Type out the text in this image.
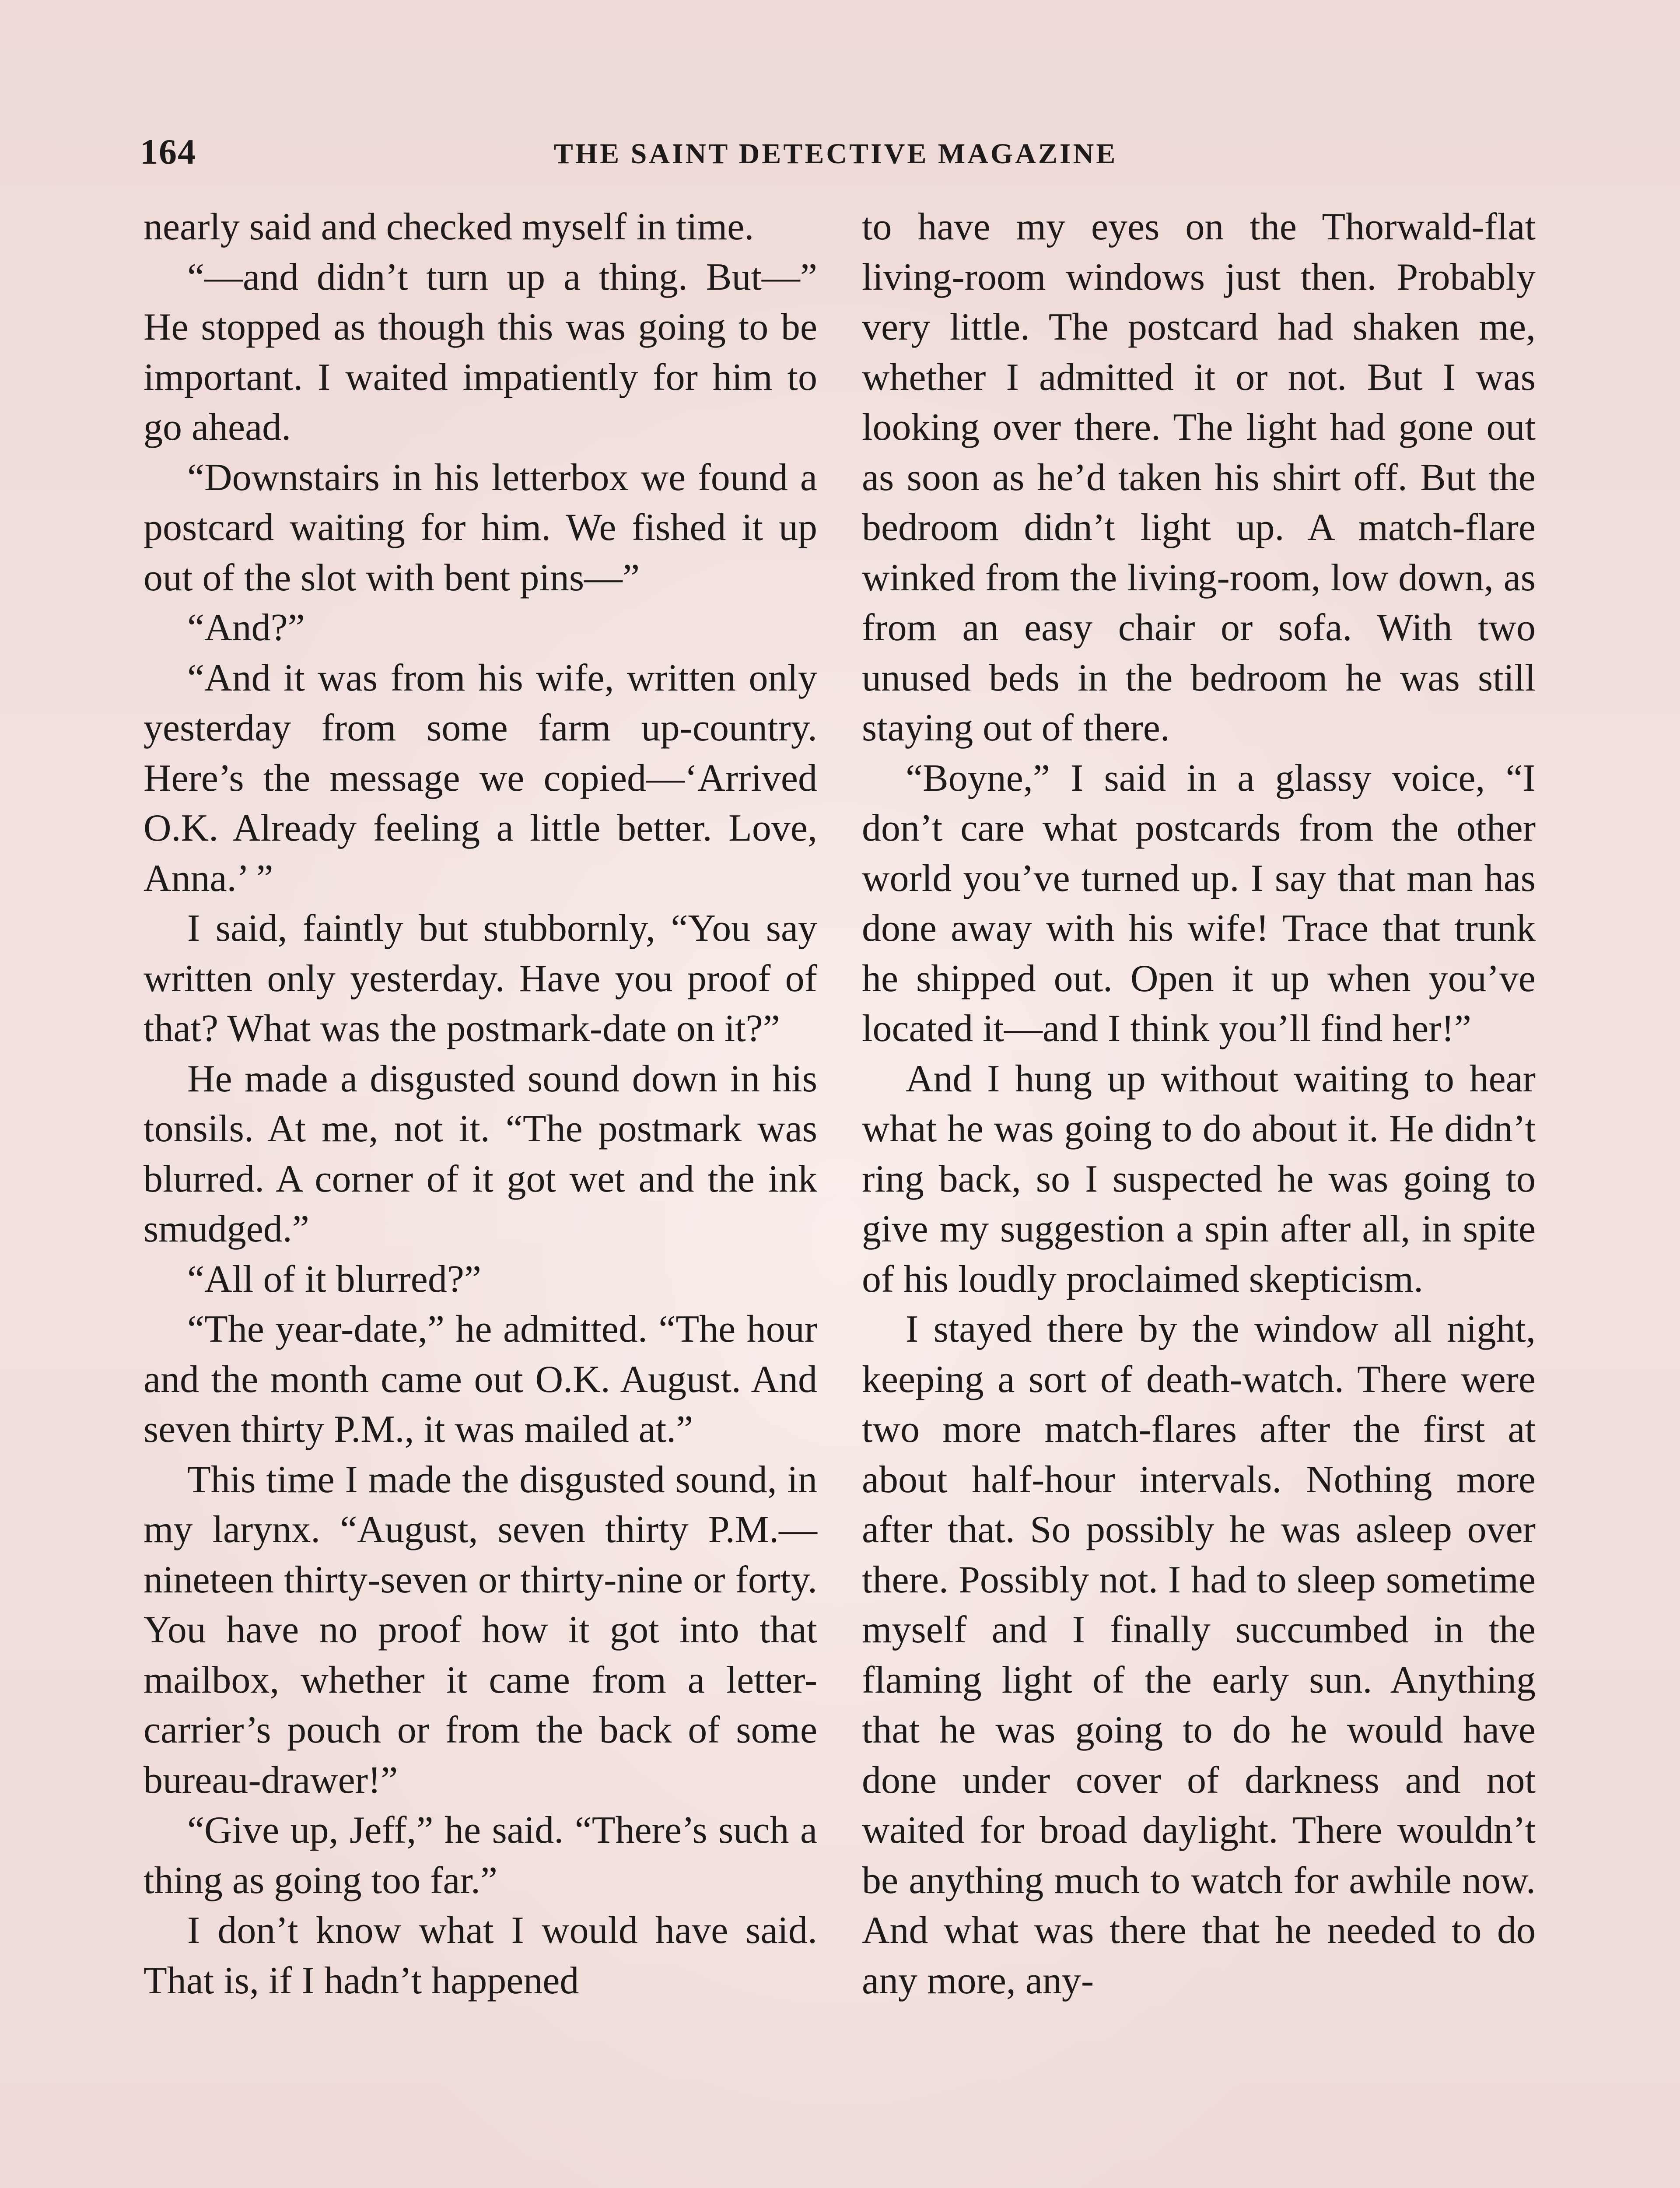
164	THE SAINT DETECTIVE MAGAZINE

nearly said and checked myself in time.

“—and didn’t turn up a thing. But—” He stopped as though this was going to be important. I waited impatiently for him to go ahead.

“Downstairs in his letterbox we found a postcard waiting for him. We fished it up out of the slot with bent pins—”

“And?”

“And it was from his wife, written only yesterday from some farm up-country. Here’s the message we copied—‘Arrived O.K. Already feeling a little better. Love, Anna.’ ”

I said, faintly but stubbornly, “You say written only yesterday. Have you proof of that? What was the postmark-date on it?”

He made a disgusted sound down in his tonsils. At me, not it. “The postmark was blurred. A corner of it got wet and the ink smudged.”

“All of it blurred?”

“The year-date,” he admitted. “The hour and the month came out O.K. August. And seven thirty P.M., it was mailed at.”

This time I made the disgusted sound, in my larynx. “August, seven thirty P.M.—nineteen thirty-seven or thirty-nine or forty. You have no proof how it got into that mailbox, whether it came from a letter-carrier’s pouch or from the back of some bureau-drawer!”

“Give up, Jeff,” he said. “There’s such a thing as going too far.”

I don’t know what I would have said. That is, if I hadn’t happened

to have my eyes on the Thorwald-flat living-room windows just then. Probably very little. The postcard had shaken me, whether I admitted it or not. But I was looking over there. The light had gone out as soon as he’d taken his shirt off. But the bedroom didn’t light up. A match-flare winked from the living-room, low down, as from an easy chair or sofa. With two unused beds in the bedroom he was still staying out of there.

“Boyne,” I said in a glassy voice, “I don’t care what postcards from the other world you’ve turned up. I say that man has done away with his wife! Trace that trunk he shipped out. Open it up when you’ve located it—and I think you’ll find her!”

And I hung up without waiting to hear what he was going to do about it. He didn’t ring back, so I suspected he was going to give my suggestion a spin after all, in spite of his loudly proclaimed skepticism.

I stayed there by the window all night, keeping a sort of death-watch. There were two more match-flares after the first at about half-hour intervals. Nothing more after that. So possibly he was asleep over there. Possibly not. I had to sleep sometime myself and I finally succumbed in the flaming light of the early sun. Anything that he was going to do he would have done under cover of darkness and not waited for broad daylight. There wouldn’t be anything much to watch for awhile now. And what was there that he needed to do any more, any-
